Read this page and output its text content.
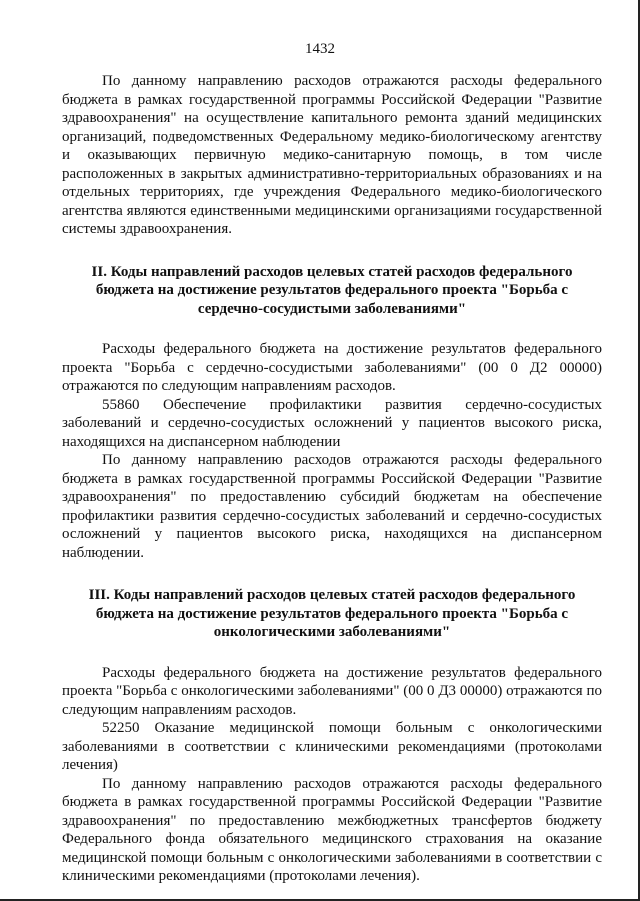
1432

По данному направлению расходов отражаются расходы федерального бюджета в рамках государственной программы Российской Федерации "Развитие здравоохранения" на осуществление капитального ремонта зданий медицинских организаций, подведомственных Федеральному медико-биологическому агентству и оказывающих первичную медико-санитарную помощь, в том числе расположенных в закрытых административно-территориальных образованиях и на отдельных территориях, где учреждения Федерального медико-биологического агентства являются единственными медицинскими организациями государственной системы здравоохранения.

II. Коды направлений расходов целевых статей расходов федерального бюджета на достижение результатов федерального проекта "Борьба с сердечно-сосудистыми заболеваниями"

Расходы федерального бюджета на достижение результатов федерального проекта "Борьба с сердечно-сосудистыми заболеваниями" (00 0 Д2 00000) отражаются по следующим направлениям расходов.

55860 Обеспечение профилактики развития сердечно-сосудистых заболеваний и сердечно-сосудистых осложнений у пациентов высокого риска, находящихся на диспансерном наблюдении

По данному направлению расходов отражаются расходы федерального бюджета в рамках государственной программы Российской Федерации "Развитие здравоохранения" по предоставлению субсидий бюджетам на обеспечение профилактики развития сердечно-сосудистых заболеваний и сердечно-сосудистых осложнений у пациентов высокого риска, находящихся на диспансерном наблюдении.

III. Коды направлений расходов целевых статей расходов федерального бюджета на достижение результатов федерального проекта "Борьба с онкологическими заболеваниями"

Расходы федерального бюджета на достижение результатов федерального проекта "Борьба с онкологическими заболеваниями" (00 0 Д3 00000) отражаются по следующим направлениям расходов.

52250 Оказание медицинской помощи больным с онкологическими заболеваниями в соответствии с клиническими рекомендациями (протоколами лечения)

По данному направлению расходов отражаются расходы федерального бюджета в рамках государственной программы Российской Федерации "Развитие здравоохранения" по предоставлению межбюджетных трансфертов бюджету Федерального фонда обязательного медицинского страхования на оказание медицинской помощи больным с онкологическими заболеваниями в соответствии с клиническими рекомендациями (протоколами лечения).
